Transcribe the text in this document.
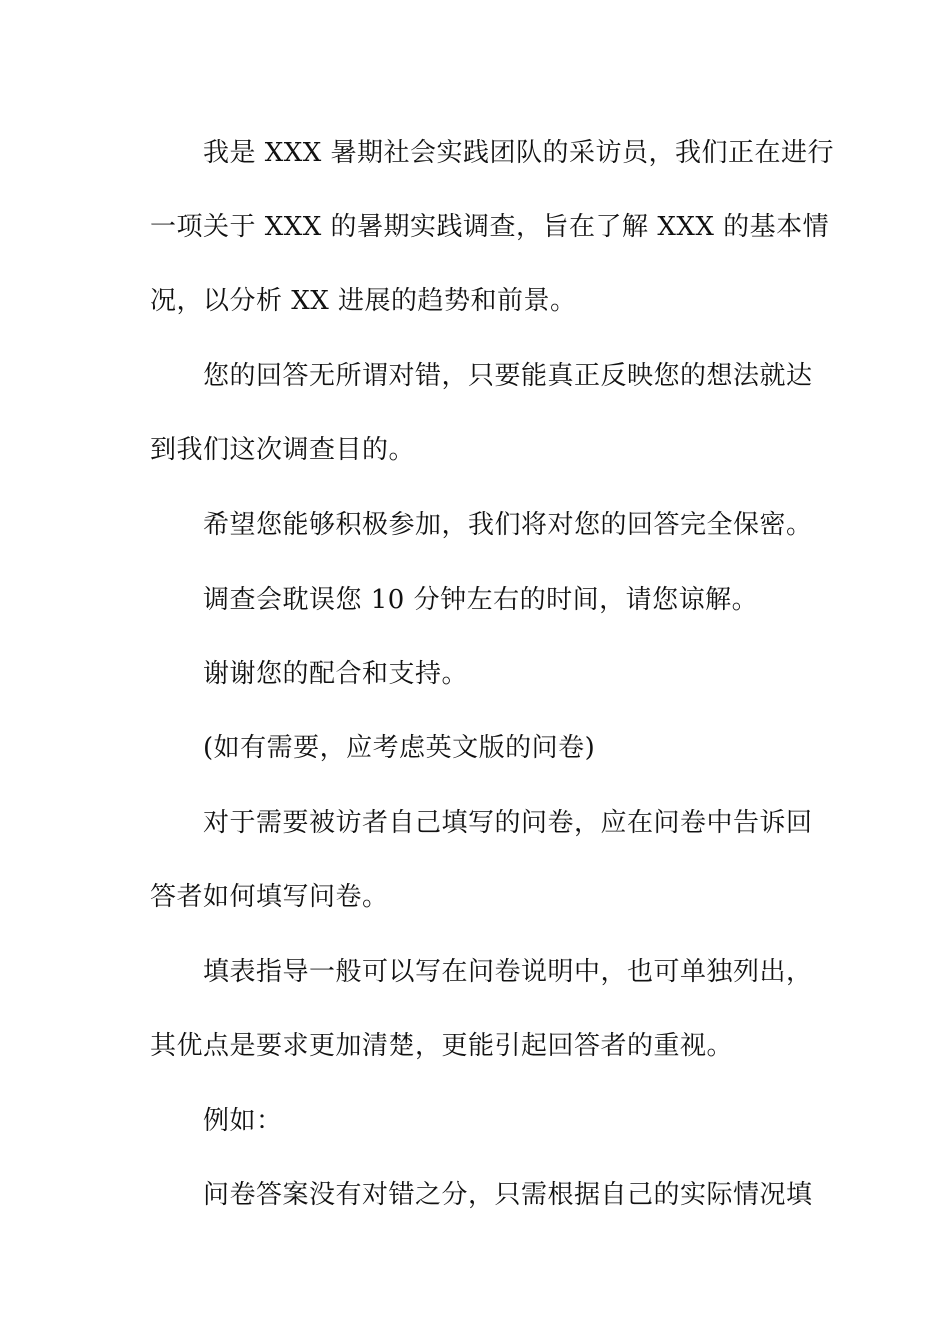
我是 XXX 暑期社会实践团队的采访员，我们正在进行

一项关于 XXX 的暑期实践调查，旨在了解 XXX 的基本情

况，以分析 XX 进展的趋势和前景。

您的回答无所谓对错，只要能真正反映您的想法就达

到我们这次调查目的。

希望您能够积极参加，我们将对您的回答完全保密。

调查会耽误您 10 分钟左右的时间，请您谅解。

谢谢您的配合和支持。

(如有需要，应考虑英文版的问卷)

对于需要被访者自己填写的问卷，应在问卷中告诉回

答者如何填写问卷。

填表指导一般可以写在问卷说明中，也可单独列出，

其优点是要求更加清楚，更能引起回答者的重视。

例如：

问卷答案没有对错之分，只需根据自己的实际情况填
